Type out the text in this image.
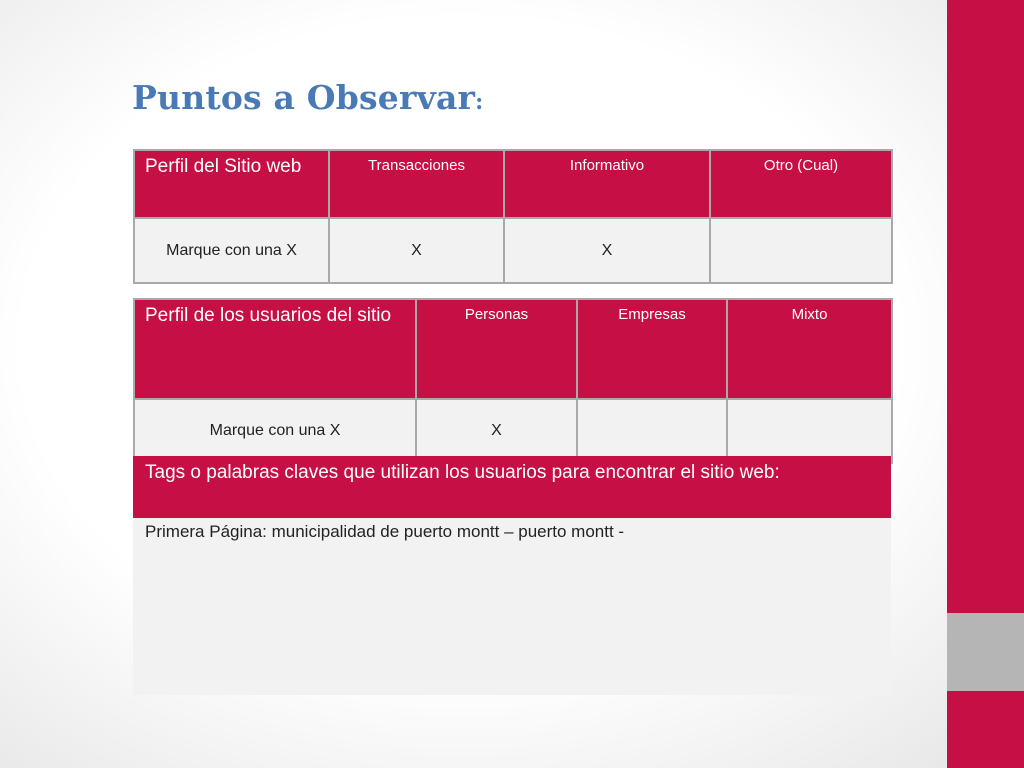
Puntos a Observar:
Perfil del Sitio web	Transacciones	Informativo	Otro (Cual)
Marque con una X	X	X	
Perfil de los usuarios del sitio	Personas	Empresas	Mixto
Marque con una X	X		
Tags o palabras claves que utilizan los usuarios para encontrar el sitio web:
Primera Página: municipalidad de puerto montt – puerto montt -
